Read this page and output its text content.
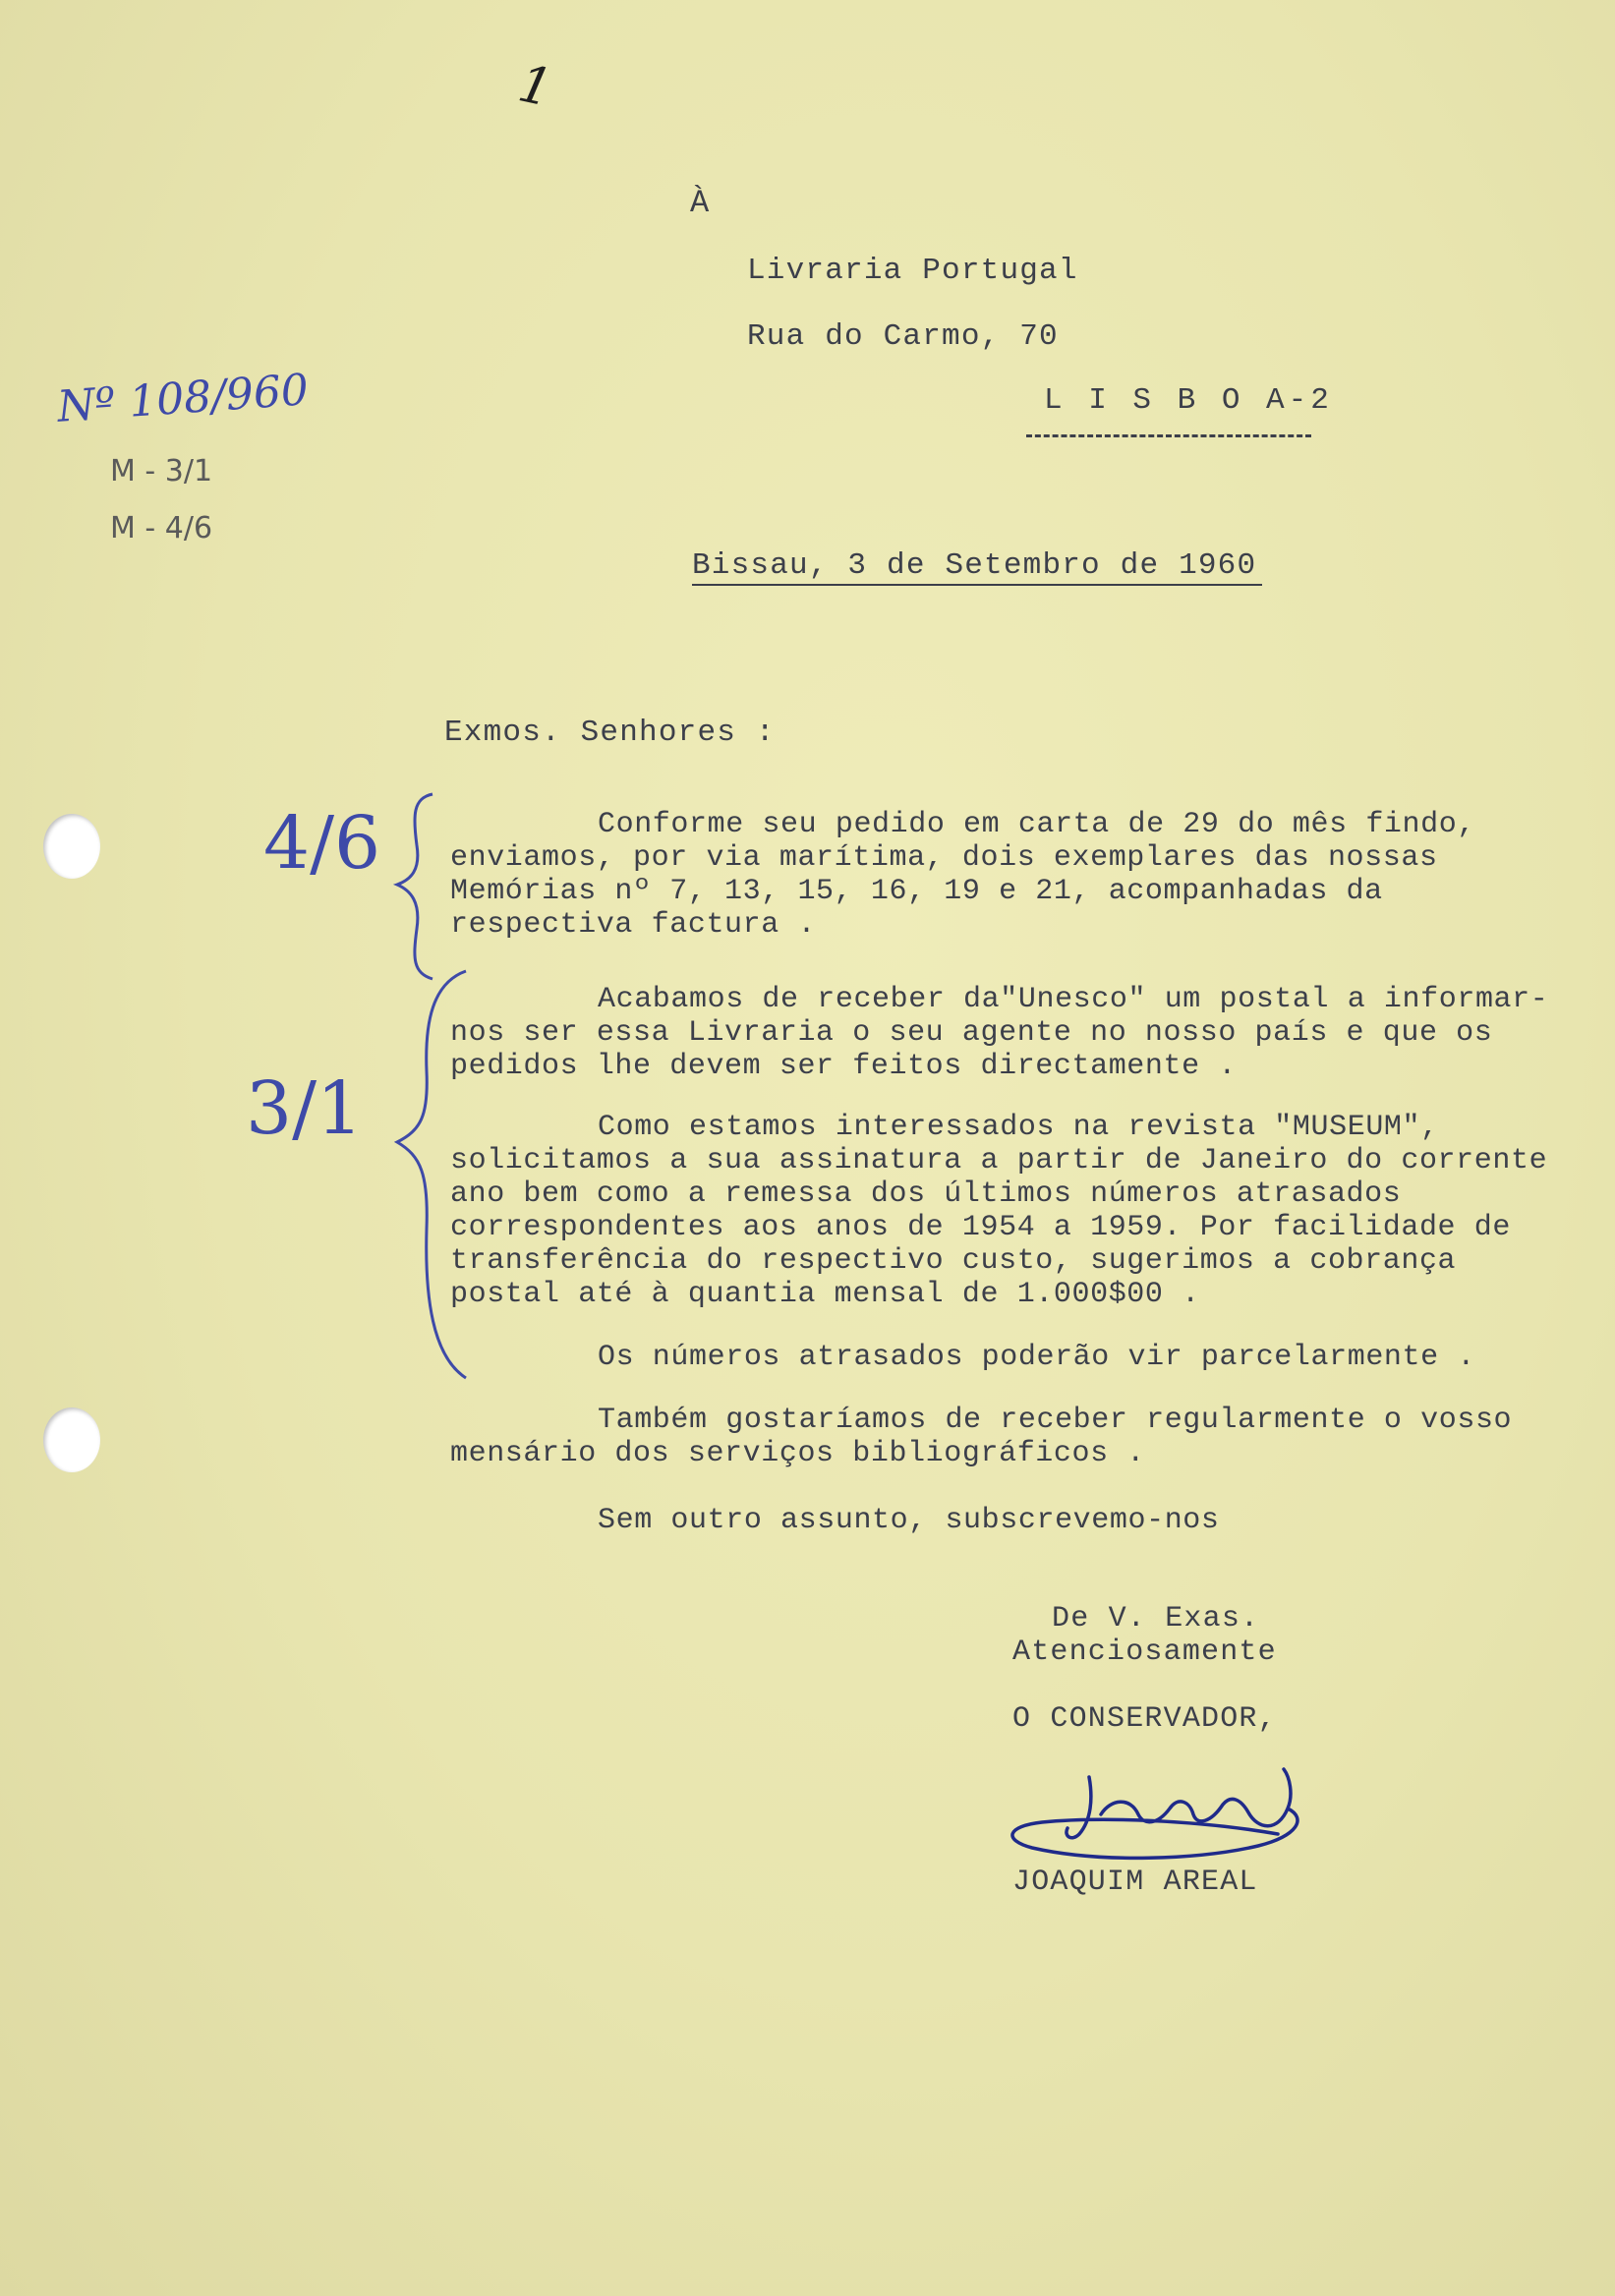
1
À
Livraria Portugal
Rua do Carmo, 70
L I S B O A-2
Nº 108/960
M - 3/1
M - 4/6
Bissau, 3 de Setembro de 1960
Exmos. Senhores :
4/6
3/1
Conforme seu pedido em carta de 29 do mês findo, enviamos, por via marítima, dois exemplares das nossas Memórias nº 7, 13, 15, 16, 19 e 21, acompanhadas da respectiva factura .
Acabamos de receber da"Unesco" um postal a informar-nos ser essa Livraria o seu agente no nosso país e que os pedidos lhe devem ser feitos directamente .
Como estamos interessados na revista "MUSEUM", solicitamos a sua assinatura a partir de Janeiro do corrente ano bem como a remessa dos últimos números atrasados correspondentes aos anos de 1954 a 1959. Por facilidade de transferência do respectivo custo, sugerimos a cobrança postal até à quantia mensal de 1.000$00 .
Os números atrasados poderão vir parcelarmente .
Também gostaríamos de receber regularmente o vosso mensário dos serviços bibliográficos .
Sem outro assunto, subscrevemo-nos
De V. Exas.
Atenciosamente
O CONSERVADOR,
JOAQUIM AREAL
